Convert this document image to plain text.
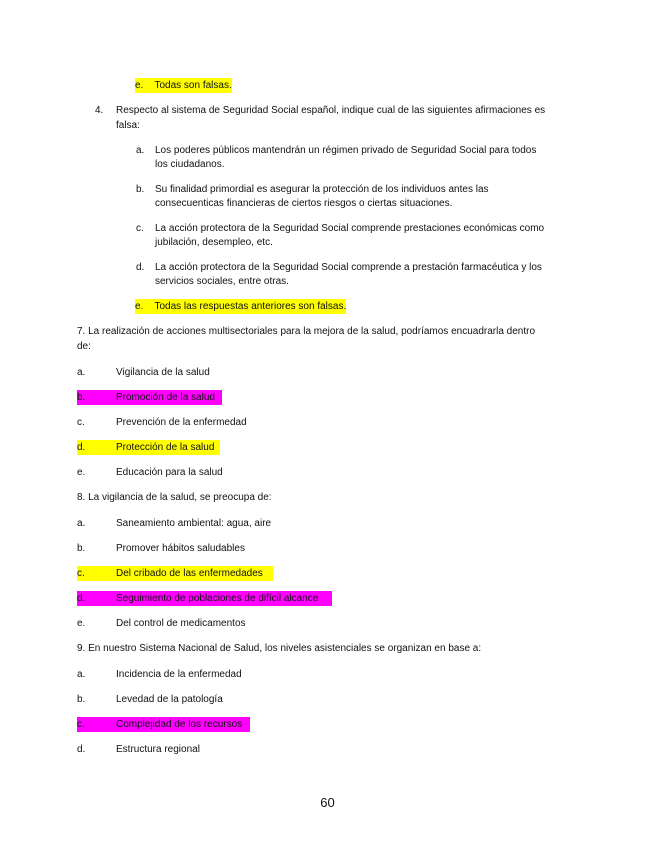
e. Todas son falsas.
4. Respecto al sistema de Seguridad Social español, indique cual de las siguientes afirmaciones es
falsa:
a. Los poderes públicos mantendrán un régimen privado de Seguridad Social para todos
los ciudadanos.
b. Su finalidad primordial es asegurar la protección de los individuos antes las
consecuenticas financieras de ciertos riesgos o ciertas situaciones.
c. La acción protectora de la Seguridad Social comprende prestaciones económicas como
jubilación, desempleo, etc.
d. La acción protectora de la Seguridad Social comprende a prestación farmacéutica y los
servicios sociales, entre otras.
e. Todas las respuestas anteriores son falsas.
7. La realización de acciones multisectoriales para la mejora de la salud, podríamos encuadrarla dentro
de:
a.	Vigilancia de la salud
b.	Promoción de la salud
c.	Prevención de la enfermedad
d.	Protección de la salud
e.	Educación para la salud
8. La vigilancia de la salud, se preocupa de:
a.	Saneamiento ambiental: agua, aire
b.	Promover hábitos saludables
c.	Del cribado de las enfermedades
d.	Seguimiento de poblaciones de difícil alcance
e.	Del control de medicamentos
9. En nuestro Sistema Nacional de Salud, los niveles asistenciales se organizan en base a:
a.	Incidencia de la enfermedad
b.	Levedad de la patología
c.	Complejidad de los recursos
d.	Estructura regional
60
